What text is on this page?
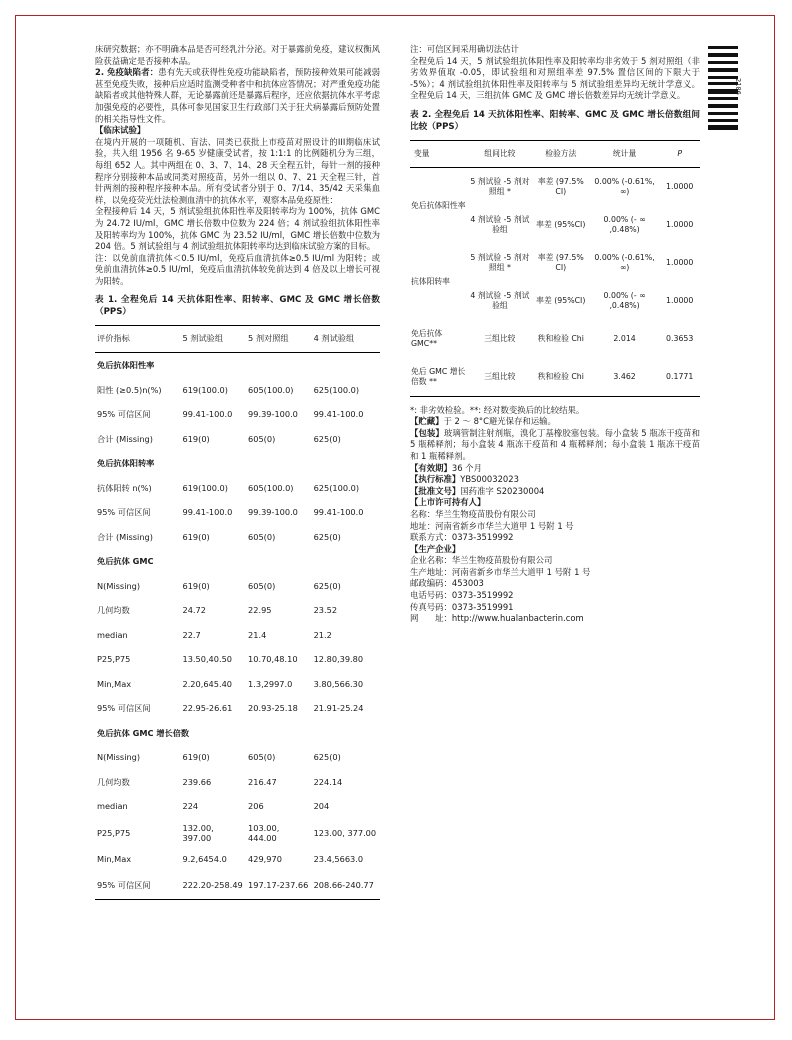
2106

床研究数据；亦不明确本品是否可经乳汁分泌。对于暴露前免疫，建议权衡风险获益确定是否接种本品。

2. 免疫缺陷者：患有先天或获得性免疫功能缺陷者，预防接种效果可能减弱甚至免疫失败，接种后应适时监测受种者中和抗体应答情况；对严重免疫功能缺陷者或其他特殊人群，无论暴露前还是暴露后程序，还应依据抗体水平考虑加强免疫的必要性，具体可参见国家卫生行政部门关于狂犬病暴露后预防处置的相关指导性文件。

【临床试验】

在境内开展的一项随机、盲法、同类已获批上市疫苗对照设计的III期临床试验，共入组 1956 名 9-65 岁健康受试者，按 1:1:1 的比例随机分为三组，每组 652 人。其中两组在 0、3、7、14、28 天全程五针，每针一剂的接种程序分别接种本品或同类对照疫苗，另外一组以 0、7、21 天全程三针，首针两剂的接种程序接种本品。所有受试者分别于 0、7/14、35/42 天采集血样，以免疫荧光灶法检测血清中的抗体水平，观察本品免疫原性：

全程接种后 14 天，5 剂试验组抗体阳性率及阳转率均为 100%，抗体 GMC 为 24.72 IU/ml，GMC 增长倍数中位数为 224 倍；4 剂试验组抗体阳性率及阳转率均为 100%，抗体 GMC 为 23.52 IU/ml，GMC 增长倍数中位数为 204 倍。5 剂试验组与 4 剂试验组抗体阳转率均达到临床试验方案的目标。

注：以免前血清抗体＜0.5 IU/ml，免疫后血清抗体≥0.5 IU/ml 为阳转；或免前血清抗体≥0.5 IU/ml，免疫后血清抗体较免前达到 4 倍及以上增长可视为阳转。

表 1. 全程免后 14 天抗体阳性率、阳转率、GMC 及 GMC 增长倍数（PPS）

评价指标	5 剂试验组	5 剂对照组	4 剂试验组
免后抗体阳性率			
阳性 (≥0.5)n(%)	619(100.0)	605(100.0)	625(100.0)
95% 可信区间	99.41-100.0	99.39-100.0	99.41-100.0
合计 (Missing)	619(0)	605(0)	625(0)
免后抗体阳转率			
抗体阳转 n(%)	619(100.0)	605(100.0)	625(100.0)
95% 可信区间	99.41-100.0	99.39-100.0	99.41-100.0
合计 (Missing)	619(0)	605(0)	625(0)
免后抗体 GMC			
N(Missing)	619(0)	605(0)	625(0)
几何均数	24.72	22.95	23.52
median	22.7	21.4	21.2
P25,P75	13.50,40.50	10.70,48.10	12.80,39.80
Min,Max	2.20,645.40	1.3,2997.0	3.80,566.30
95% 可信区间	22.95-26.61	20.93-25.18	21.91-25.24
免后抗体 GMC 增长倍数			
N(Missing)	619(0)	605(0)	625(0)
几何均数	239.66	216.47	224.14
median	224	206	204
P25,P75	132.00, 397.00	103.00, 444.00	123.00, 377.00
Min,Max	9.2,6454.0	429,970	23.4,5663.0
95% 可信区间	222.20-258.49	197.17-237.66	208.66-240.77

注：可信区间采用确切法估计

全程免后 14 天，5 剂试验组抗体阳性率及阳转率均非劣效于 5 剂对照组（非劣效界值取 -0.05，即试验组和对照组率差 97.5% 置信区间的下限大于 -5%）；4 剂试验组抗体阳性率及阳转率与 5 剂试验组差异均无统计学意义。全程免后 14 天，三组抗体 GMC 及 GMC 增长倍数差异均无统计学意义。

表 2. 全程免后 14 天抗体阳性率、阳转率、GMC 及 GMC 增长倍数组间比较（PPS）

变量	组间比较	检验方法	统计量	P
免后抗体阳性率	5 剂试验 -5 剂对照组 *	率差 (97.5% CI)	0.00% (-0.61%, ∞)	1.0000
	4 剂试验 -5 剂试验组	率差 (95%CI)	0.00% (- ∞ ,0.48%)	1.0000
抗体阳转率	5 剂试验 -5 剂对照组 *	率差 (97.5% CI)	0.00% (-0.61%, ∞)	1.0000
	4 剂试验 -5 剂试验组	率差 (95%CI)	0.00% (- ∞ ,0.48%)	1.0000
免后抗体 GMC**	三组比较	秩和检验 Chi	2.014	0.3653
免后 GMC 增长倍数 **	三组比较	秩和检验 Chi	3.462	0.1771

*: 非劣效检验。**: 经对数变换后的比较结果。

【贮藏】于 2 ～ 8°C避光保存和运输。

【包装】玻璃管制注射剂瓶，溴化丁基橡胶塞包装。每小盒装 5 瓶冻干疫苗和 5 瓶稀释剂；每小盒装 4 瓶冻干疫苗和 4 瓶稀释剂；每小盒装 1 瓶冻干疫苗和 1 瓶稀释剂。

【有效期】36 个月

【执行标准】YBS00032023

【批准文号】国药准字 S20230004

【上市许可持有人】

名称：华兰生物疫苗股份有限公司

地址：河南省新乡市华兰大道甲 1 号附 1 号

联系方式：0373-3519992

【生产企业】

企业名称：华兰生物疫苗股份有限公司

生产地址：河南省新乡市华兰大道甲 1 号附 1 号

邮政编码：453003

电话号码：0373-3519992

传真号码：0373-3519991

网　　址：http://www.hualanbacterin.com
